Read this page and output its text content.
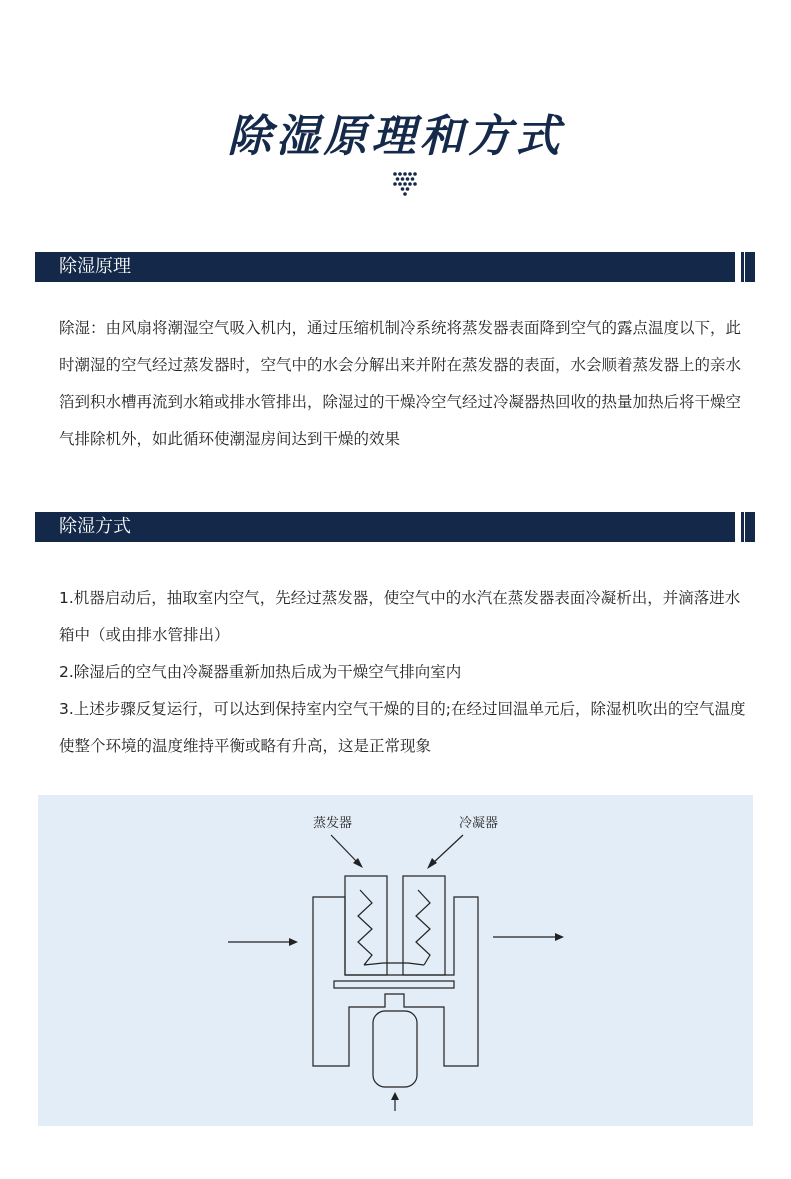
除湿原理和方式
除湿原理

除湿：由风扇将潮湿空气吸入机内，通过压缩机制冷系统将蒸发器表面降到空气的露点温度以下，此时潮湿的空气经过蒸发器时，空气中的水会分解出来并附在蒸发器的表面，水会顺着蒸发器上的亲水箔到积水槽再流到水箱或排水管排出，除湿过的干燥冷空气经过冷凝器热回收的热量加热后将干燥空气排除机外，如此循环使潮湿房间达到干燥的效果

除湿方式

1.机器启动后，抽取室内空气，先经过蒸发器，使空气中的水汽在蒸发器表面冷凝析出，并滴落进水箱中（或由排水管排出）

2.除湿后的空气由冷凝器重新加热后成为干燥空气排向室内

3.上述步骤反复运行，可以达到保持室内空气干燥的目的;在经过回温单元后，除湿机吹出的空气温度使整个环境的温度维持平衡或略有升高，这是正常现象

蒸发器	冷凝器
